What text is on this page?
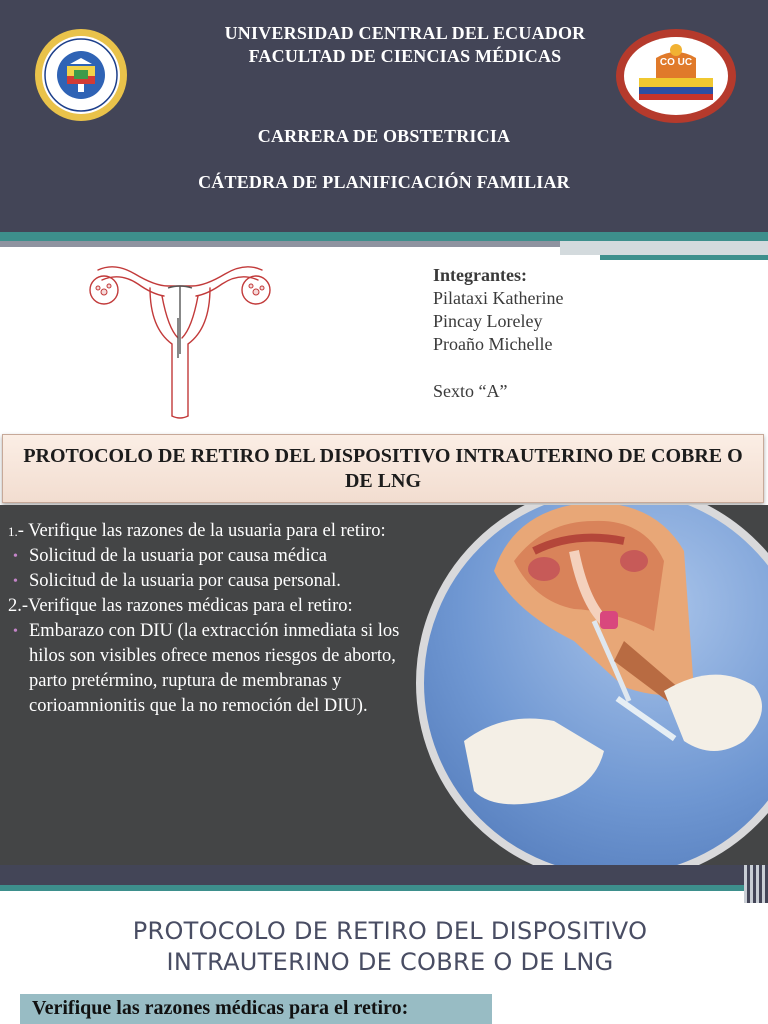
UNIVERSIDAD CENTRAL DEL ECUADOR
FACULTAD DE CIENCIAS MÉDICAS
CARRERA DE OBSTETRICIA
CÁTEDRA DE PLANIFICACIÓN FAMILIAR
CO UC
Integrantes:
Pilataxi Katherine
Pincay Loreley
Proaño Michelle
Sexto “A”
PROTOCOLO DE RETIRO DEL DISPOSITIVO INTRAUTERINO DE COBRE O DE LNG
1.- Verifique las razones de la usuaria para el retiro:
• Solicitud de la usuaria por causa médica
• Solicitud de la usuaria por causa personal.
2.-Verifique las razones médicas para el retiro:
• Embarazo con DIU (la extracción inmediata si los hilos son visibles ofrece menos riesgos de aborto, parto pretérmino, ruptura de membranas y corioamnionitis que la no remoción del DIU).
PROTOCOLO DE RETIRO DEL DISPOSITIVO INTRAUTERINO DE COBRE O DE LNG
Verifique las razones médicas para el retiro:
